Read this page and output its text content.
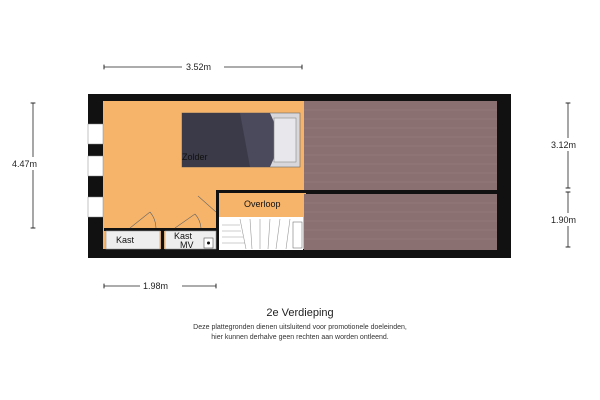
Zolder
Overloop
Kast	Kast
MV
3.52m
4.47m
3.12m
1.90m
1.98m
2e Verdieping
Deze plattegronden dienen uitsluitend voor promotionele doeleinden,
hier kunnen derhalve geen rechten aan worden ontleend.
